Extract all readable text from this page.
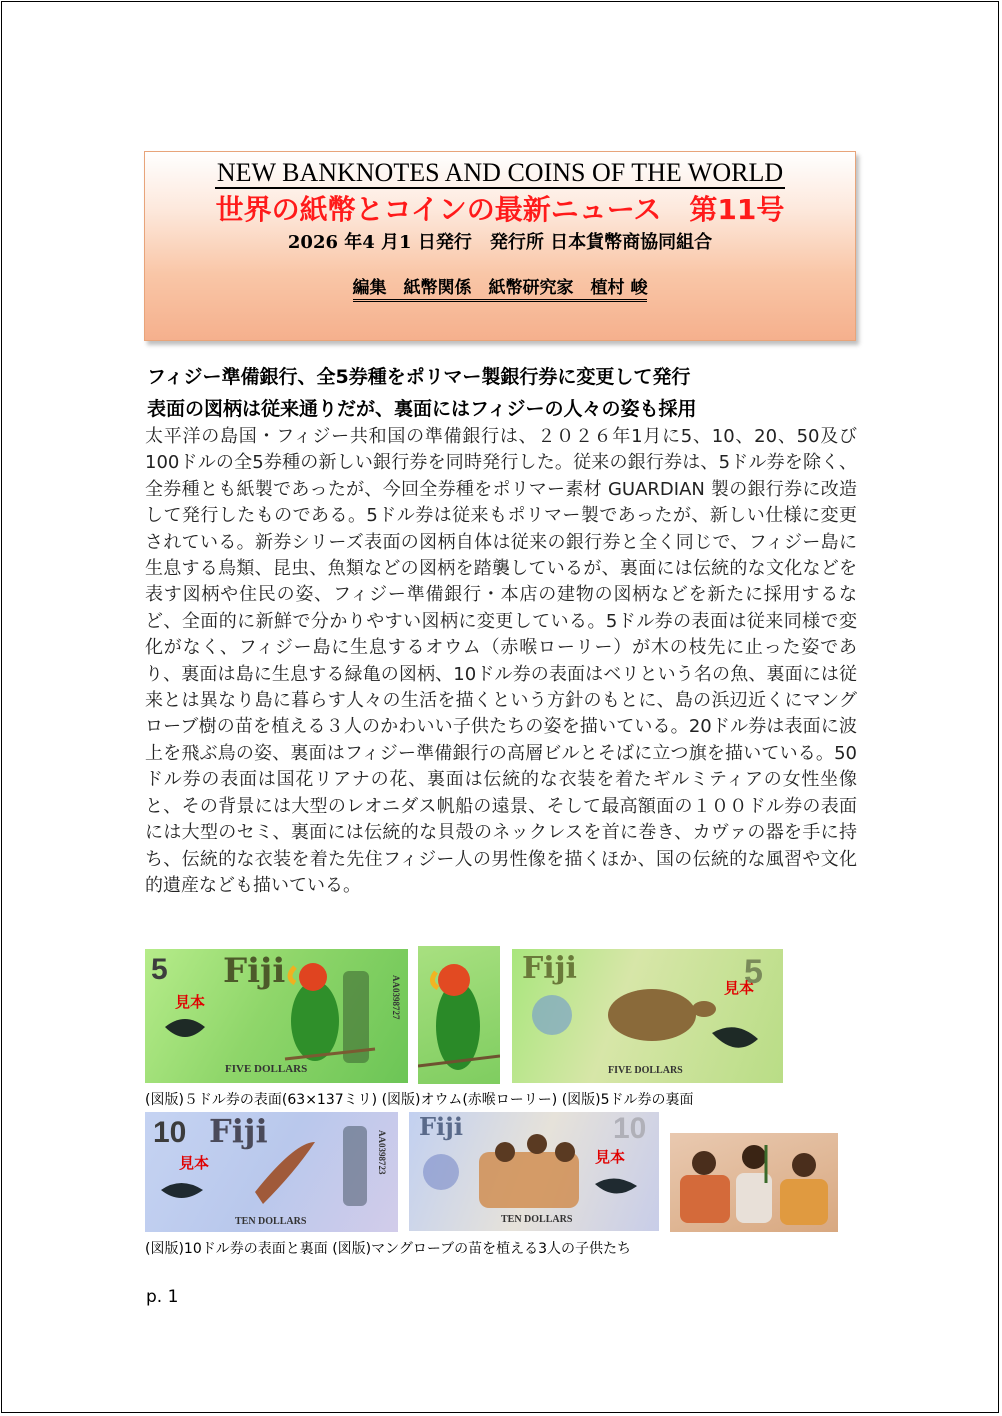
NEW BANKNOTES AND COINS OF THE WORLD
世界の紙幣とコインの最新ニュース　第11号
2026 年4 月1 日発行　発行所 日本貨幣商協同組合
編集　紙幣関係　紙幣研究家　植村 峻
フィジー準備銀行、全5券種をポリマー製銀行券に変更して発行
表面の図柄は従来通りだが、裏面にはフィジーの人々の姿も採用
太平洋の島国・フィジー共和国の準備銀行は、２０２６年1月に5、10、20、50及び100ドルの全5券種の新しい銀行券を同時発行した。従来の銀行券は、5ドル券を除く、全券種とも紙製であったが、今回全券種をポリマー素材 GUARDIAN 製の銀行券に改造して発行したものである。5ドル券は従来もポリマー製であったが、新しい仕様に変更されている。新券シリーズ表面の図柄自体は従来の銀行券と全く同じで、フィジー島に生息する鳥類、昆虫、魚類などの図柄を踏襲しているが、裏面には伝統的な文化などを表す図柄や住民の姿、フィジー準備銀行・本店の建物の図柄などを新たに採用するなど、全面的に新鮮で分かりやすい図柄に変更している。5ドル券の表面は従来同様で変化がなく、フィジー島に生息するオウム（赤喉ローリー）が木の枝先に止った姿であり、裏面は島に生息する緑亀の図柄、10ドル券の表面はベリという名の魚、裏面には従来とは異なり島に暮らす人々の生活を描くという方針のもとに、島の浜辺近くにマングローブ樹の苗を植える３人のかわいい子供たちの姿を描いている。20ドル券は表面に波上を飛ぶ鳥の姿、裏面はフィジー準備銀行の高層ビルとそばに立つ旗を描いている。50ドル券の表面は国花リアナの花、裏面は伝統的な衣装を着たギルミティアの女性坐像と、その背景には大型のレオニダス帆船の遠景、そして最高額面の１００ドル券の表面には大型のセミ、裏面には伝統的な貝殻のネックレスを首に巻き、カヴァの器を手に持ち、伝統的な衣装を着た先住フィジー人の男性像を描くほか、国の伝統的な風習や文化的遺産なども描いている。
5 Fiji
見本
FIVE DOLLARS
AA0398727
Fiji	5
見本
FIVE DOLLARS
(図版)５ドル券の表面(63×137ミリ) (図版)オウム(赤喉ローリー) (図版)5ドル券の裏面
10 Fiji
見本
TEN DOLLARS
AA0398723
Fiji	10
見本
TEN DOLLARS
(図版)10ドル券の表面と裏面 (図版)マングローブの苗を植える3人の子供たち
p. 1
